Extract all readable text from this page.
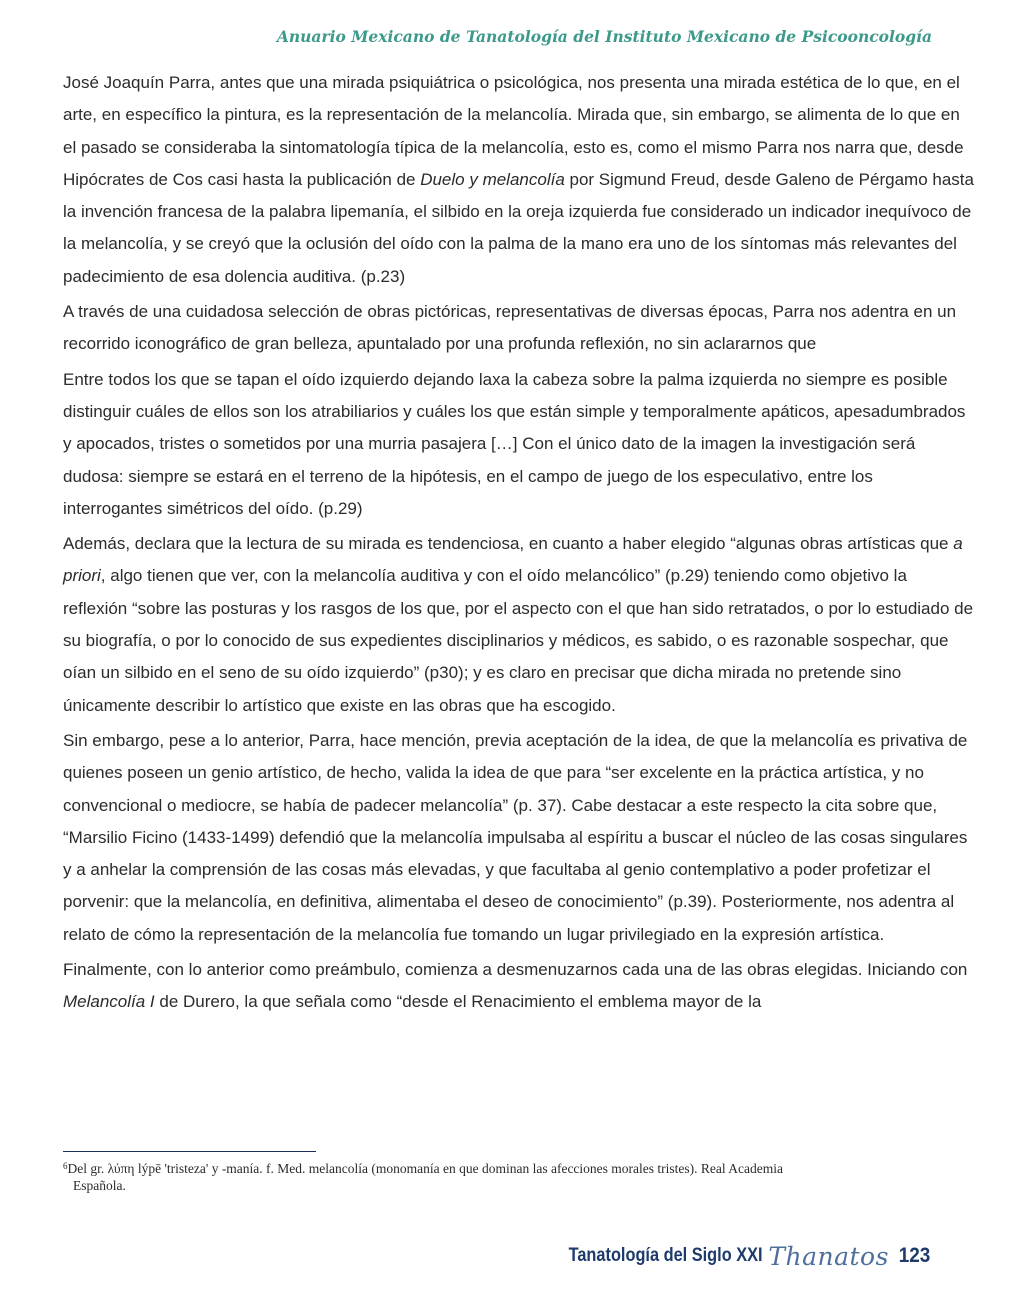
Anuario Mexicano de Tanatología del Instituto Mexicano de Psicooncología

José Joaquín Parra, antes que una mirada psiquiátrica o psicológica, nos presenta una mirada estética de lo que, en el arte, en específico la pintura, es la representación de la melancolía. Mirada que, sin embargo, se alimenta de lo que en el pasado se consideraba la sintomatología típica de la melancolía, esto es, como el mismo Parra nos narra que, desde Hipócrates de Cos casi hasta la publicación de Duelo y melancolía por Sigmund Freud, desde Galeno de Pérgamo hasta la invención francesa de la palabra lipemanía, el silbido en la oreja izquierda fue considerado un indicador inequívoco de la melancolía, y se creyó que la oclusión del oído con la palma de la mano era uno de los síntomas más relevantes del padecimiento de esa dolencia auditiva. (p.23)

A través de una cuidadosa selección de obras pictóricas, representativas de diversas épocas, Parra nos adentra en un recorrido iconográfico de gran belleza, apuntalado por una profunda reflexión, no sin aclararnos que

Entre todos los que se tapan el oído izquierdo dejando laxa la cabeza sobre la palma izquierda no siempre es posible distinguir cuáles de ellos son los atrabiliarios y cuáles los que están simple y temporalmente apáticos, apesadumbrados y apocados, tristes o sometidos por una murria pasajera […] Con el único dato de la imagen la investigación será dudosa: siempre se estará en el terreno de la hipótesis, en el campo de juego de los especulativo, entre los interrogantes simétricos del oído. (p.29)

Además, declara que la lectura de su mirada es tendenciosa, en cuanto a haber elegido “algunas obras artísticas que a priori, algo tienen que ver, con la melancolía auditiva y con el oído melancólico” (p.29) teniendo como objetivo la reflexión “sobre las posturas y los rasgos de los que, por el aspecto con el que han sido retratados, o por lo estudiado de su biografía, o por lo conocido de sus expedientes disciplinarios y médicos, es sabido, o es razonable sospechar, que oían un silbido en el seno de su oído izquierdo” (p30); y es claro en precisar que dicha mirada no pretende sino únicamente describir lo artístico que existe en las obras que ha escogido.

Sin embargo, pese a lo anterior, Parra, hace mención, previa aceptación de la idea, de que la melancolía es privativa de quienes poseen un genio artístico, de hecho, valida la idea de que para “ser excelente en la práctica artística, y no convencional o mediocre, se había de padecer melancolía” (p. 37). Cabe destacar a este respecto la cita sobre que, “Marsilio Ficino (1433-1499) defendió que la melancolía impulsaba al espíritu a buscar el núcleo de las cosas singulares y a anhelar la comprensión de las cosas más elevadas, y que facultaba al genio contemplativo a poder profetizar el porvenir: que la melancolía, en definitiva, alimentaba el deseo de conocimiento” (p.39). Posteriormente, nos adentra al relato de cómo la representación de la melancolía fue tomando un lugar privilegiado en la expresión artística.

Finalmente, con lo anterior como preámbulo, comienza a desmenuzarnos cada una de las obras elegidas. Iniciando con Melancolía I de Durero, la que señala como “desde el Renacimiento el emblema mayor de la

$^6$Del gr. λύπη lýpē 'tristeza' y -manía. f. Med. melancolía (monomanía en que dominan las afecciones morales tristes). Real Academia
Española.
Tanatología del Siglo XXI Thanatos 123
